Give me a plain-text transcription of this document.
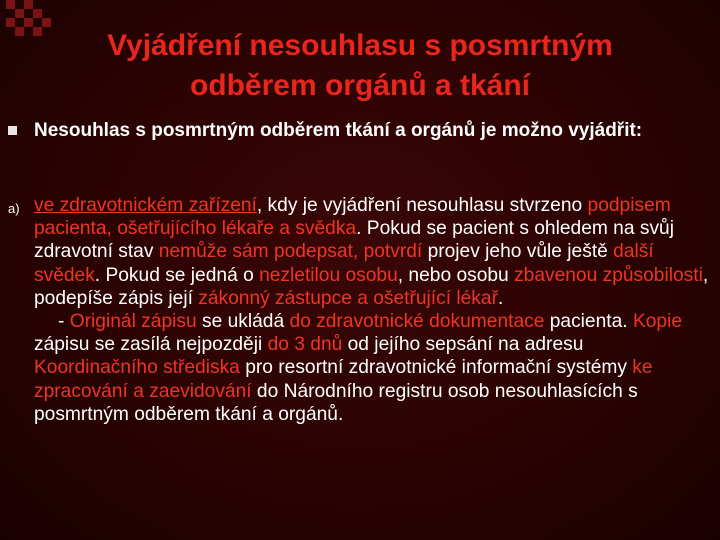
Vyjádření nesouhlasu s posmrtným
odběrem orgánů a tkání
Nesouhlas s posmrtným odběrem tkání a orgánů je možno vyjádřit:
a) ve zdravotnickém zařízení, kdy je vyjádření nesouhlasu stvrzeno podpisem pacienta, ošetřujícího lékaře a svědka. Pokud se pacient s ohledem na svůj zdravotní stav nemůže sám podepsat, potvrdí projev jeho vůle ještě další svědek. Pokud se jedná o nezletilou osobu, nebo osobu zbavenou způsobilosti, podepíše zápis její zákonný zástupce a ošetřující lékař.
- Originál zápisu se ukládá do zdravotnické dokumentace pacienta. Kopie zápisu se zasílá nejpozději do 3 dnů od jejího sepsání na adresu Koordinačního střediska pro resortní zdravotnické informační systémy ke zpracování a zaevidování do Národního registru osob nesouhlasících s posmrtným odběrem tkání a orgánů.
